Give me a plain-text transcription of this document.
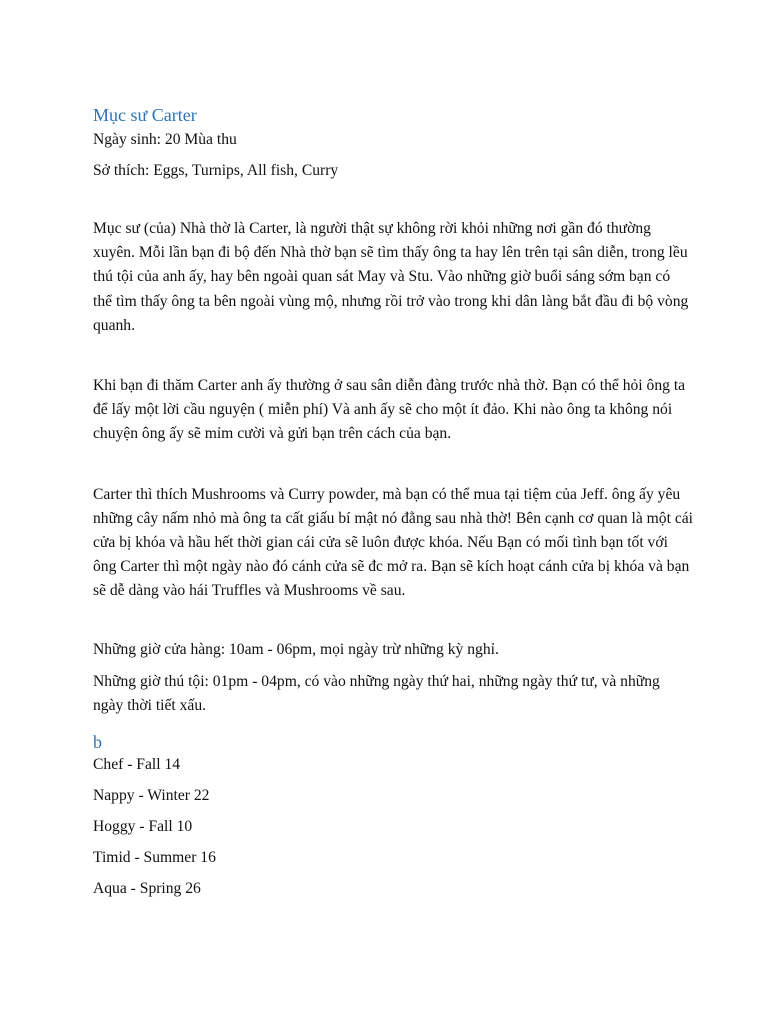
Mục sư Carter

Ngày sinh: 20 Mùa thu

Sở thích: Eggs, Turnips, All fish, Curry

Mục sư (của) Nhà thờ là Carter, là người thật sự không rời khỏi những nơi gần đó thường xuyên. Mỗi lần bạn đi bộ đến Nhà thờ bạn sẽ tìm thấy ông ta hay lên trên tại sân diễn, trong lều thú tội của anh ấy, hay bên ngoài quan sát May và Stu. Vào những giờ buổi sáng sớm bạn có thể tìm thấy ông ta bên ngoài vùng mộ, nhưng rồi trở vào trong khi dân làng bắt đầu đi bộ vòng quanh.

Khi bạn đi thăm Carter anh ấy thường ở sau sân diễn đàng trước nhà thờ. Bạn có thể hỏi ông ta để lấy một lời cầu nguyện ( miễn phí) Và anh ấy sẽ cho một ít đảo. Khi nào ông ta không nói chuyện ông ấy sẽ mỉm cười và gửi bạn trên cách của bạn.

Carter thì thích Mushrooms và Curry powder, mà bạn có thể mua tại tiệm của Jeff. ông ấy yêu những cây nấm nhỏ mà ông ta cất giấu bí mật nó đằng sau nhà thờ! Bên cạnh cơ quan là một cái cửa bị khóa và hầu hết thời gian cái cửa sẽ luôn được khóa. Nếu Bạn có mối tình bạn tốt với ông Carter thì một ngày nào đó cánh cửa sẽ đc mở ra. Bạn sẽ kích hoạt cánh cửa bị khóa và bạn sẽ dễ dàng vào hái Truffles và Mushrooms về sau.

Những giờ cửa hàng: 10am - 06pm, mọi ngày trừ những kỳ nghỉ.

Những giờ thú tội: 01pm - 04pm, có vào những ngày thứ hai, những ngày thứ tư, và những ngày thời tiết xấu.

b

Chef - Fall 14

Nappy - Winter 22

Hoggy - Fall 10

Timid - Summer 16

Aqua - Spring 26
